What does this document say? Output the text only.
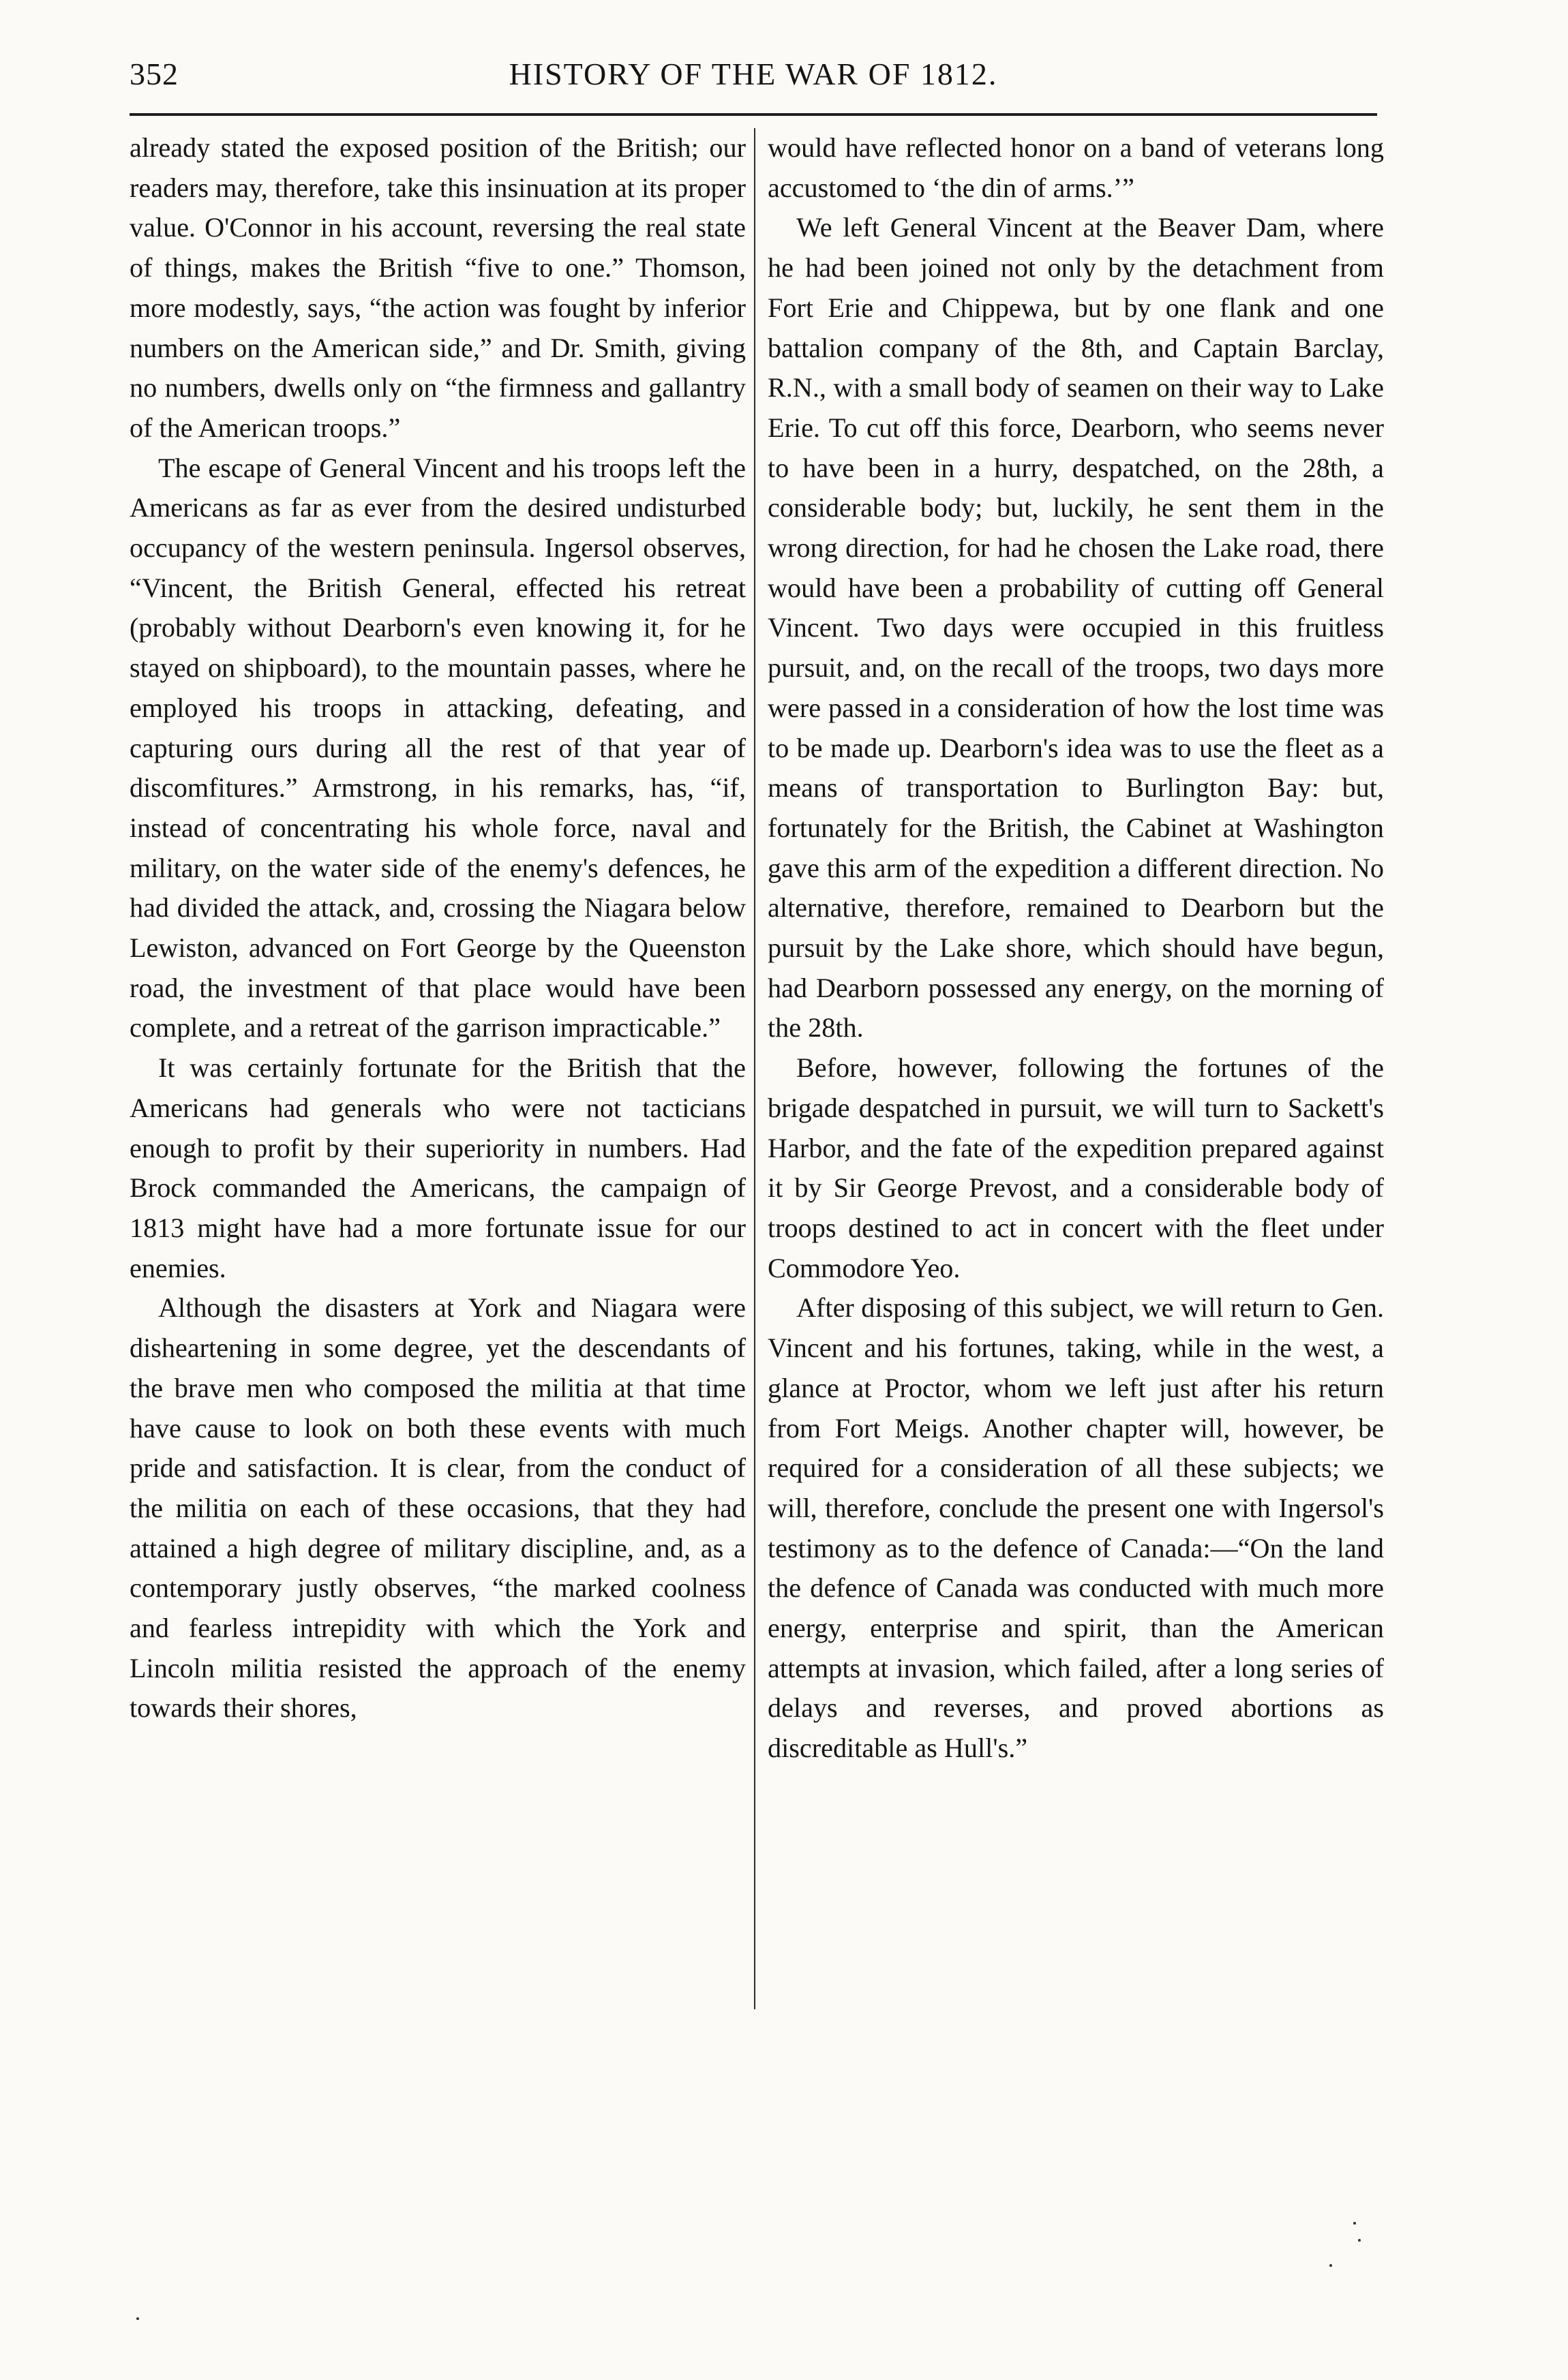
352	HISTORY OF THE WAR OF 1812.

already stated the exposed position of the British; our readers may, therefore, take this insinuation at its proper value. O'Connor in his account, reversing the real state of things, makes the British “five to one.” Thomson, more modestly, says, “the action was fought by inferior numbers on the American side,” and Dr. Smith, giving no numbers, dwells only on “the firmness and gallantry of the American troops.”

The escape of General Vincent and his troops left the Americans as far as ever from the desired undisturbed occupancy of the western peninsula. Ingersol observes, “Vincent, the British General, effected his retreat (probably without Dearborn's even knowing it, for he stayed on shipboard), to the mountain passes, where he employed his troops in attacking, defeating, and capturing ours during all the rest of that year of discomfitures.” Armstrong, in his remarks, has, “if, instead of concentrating his whole force, naval and military, on the water side of the enemy's defences, he had divided the attack, and, crossing the Niagara below Lewiston, advanced on Fort George by the Queenston road, the investment of that place would have been complete, and a retreat of the garrison impracticable.”

It was certainly fortunate for the British that the Americans had generals who were not tacticians enough to profit by their superiority in numbers. Had Brock commanded the Americans, the campaign of 1813 might have had a more fortunate issue for our enemies.

Although the disasters at York and Niagara were disheartening in some degree, yet the descendants of the brave men who composed the militia at that time have cause to look on both these events with much pride and satisfaction. It is clear, from the conduct of the militia on each of these occasions, that they had attained a high degree of military discipline, and, as a contemporary justly observes, “the marked coolness and fearless intrepidity with which the York and Lincoln militia resisted the approach of the enemy towards their shores,

would have reflected honor on a band of veterans long accustomed to ‘the din of arms.’”

We left General Vincent at the Beaver Dam, where he had been joined not only by the detachment from Fort Erie and Chippewa, but by one flank and one battalion company of the 8th, and Captain Barclay, R.N., with a small body of seamen on their way to Lake Erie. To cut off this force, Dearborn, who seems never to have been in a hurry, despatched, on the 28th, a considerable body; but, luckily, he sent them in the wrong direction, for had he chosen the Lake road, there would have been a probability of cutting off General Vincent. Two days were occupied in this fruitless pursuit, and, on the recall of the troops, two days more were passed in a consideration of how the lost time was to be made up. Dearborn's idea was to use the fleet as a means of transportation to Burlington Bay: but, fortunately for the British, the Cabinet at Washington gave this arm of the expedition a different direction. No alternative, therefore, remained to Dearborn but the pursuit by the Lake shore, which should have begun, had Dearborn possessed any energy, on the morning of the 28th.

Before, however, following the fortunes of the brigade despatched in pursuit, we will turn to Sackett's Harbor, and the fate of the expedition prepared against it by Sir George Prevost, and a considerable body of troops destined to act in concert with the fleet under Commodore Yeo.

After disposing of this subject, we will return to Gen. Vincent and his fortunes, taking, while in the west, a glance at Proctor, whom we left just after his return from Fort Meigs. Another chapter will, however, be required for a consideration of all these subjects; we will, therefore, conclude the present one with Ingersol's testimony as to the defence of Canada:—“On the land the defence of Canada was conducted with much more energy, enterprise and spirit, than the American attempts at invasion, which failed, after a long series of delays and reverses, and proved abortions as discreditable as Hull's.”
